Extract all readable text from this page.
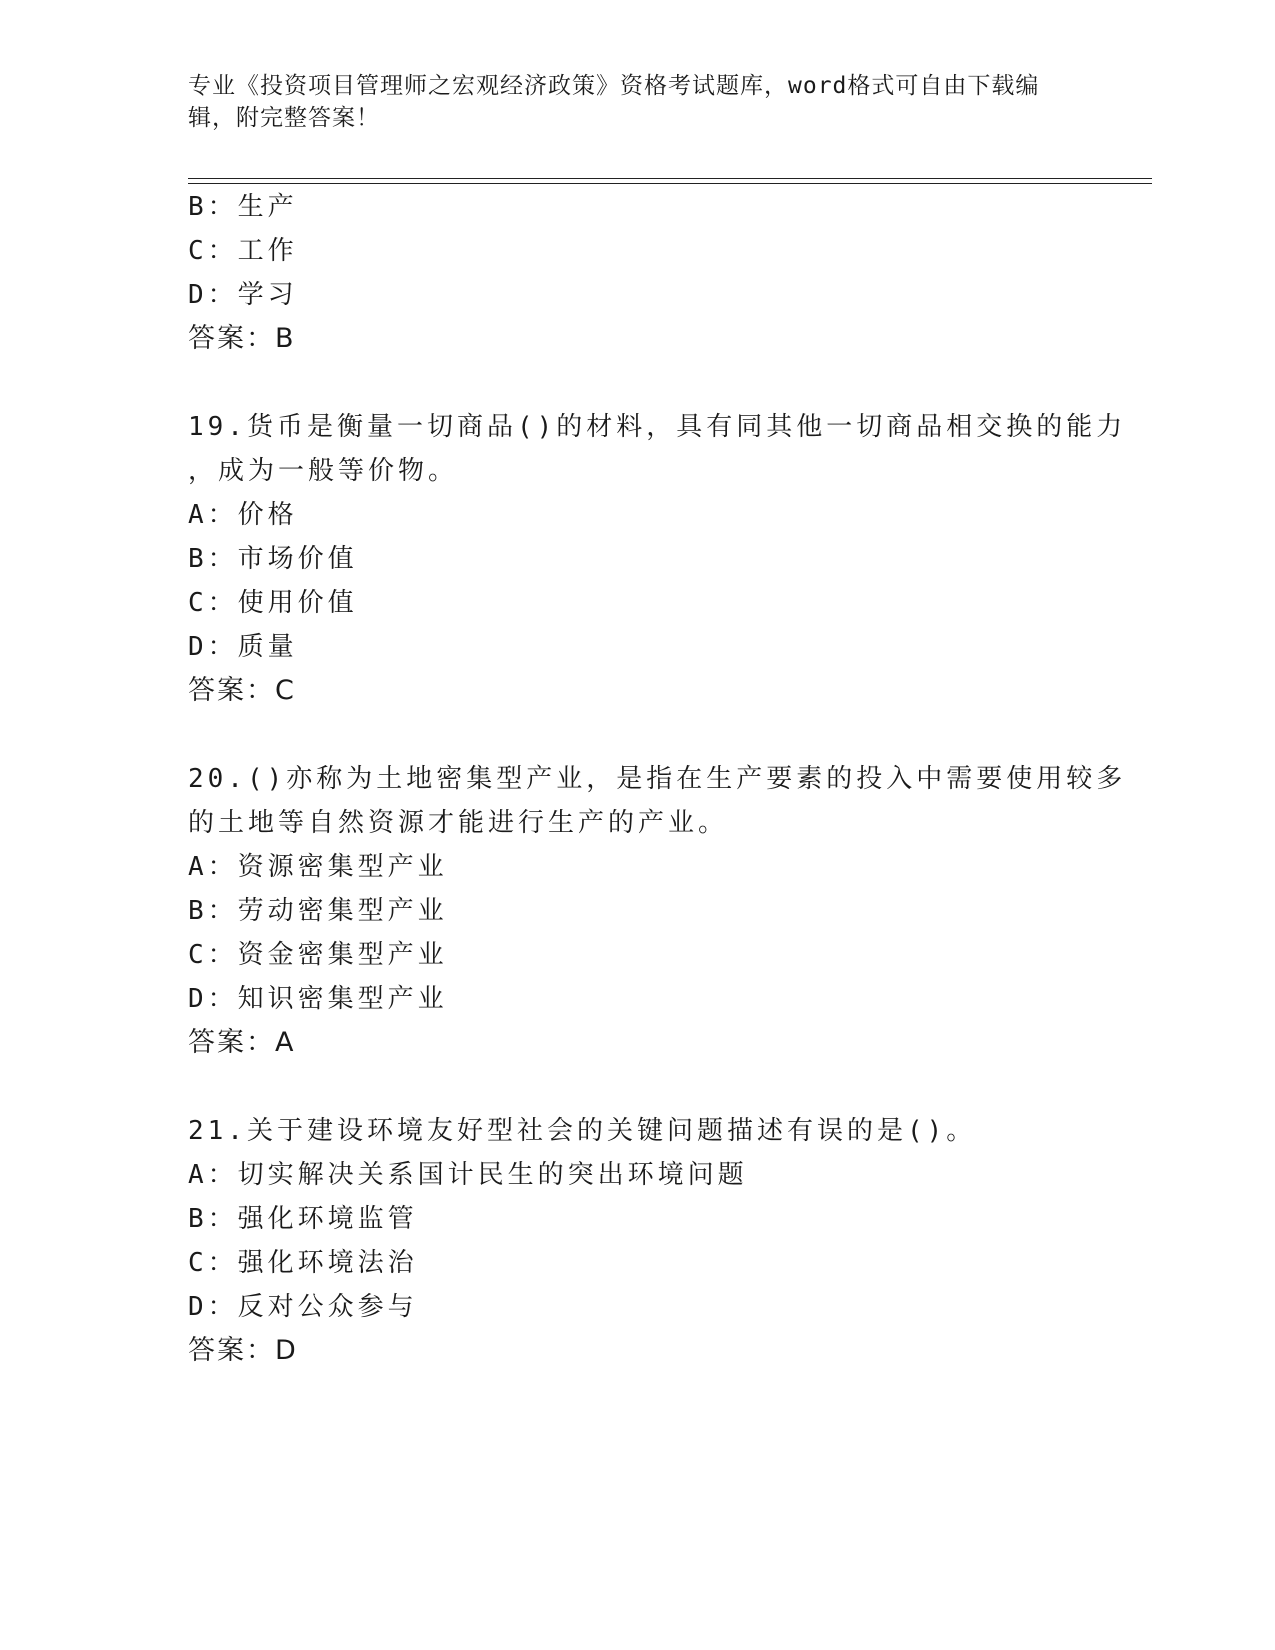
专业《投资项目管理师之宏观经济政策》资格考试题库，word格式可自由下载编
辑，附完整答案！
B：生产
C：工作
D：学习
答案：B
19.货币是衡量一切商品()的材料，具有同其他一切商品相交换的能力
，成为一般等价物。
A：价格
B：市场价值
C：使用价值
D：质量
答案：C
20.()亦称为土地密集型产业，是指在生产要素的投入中需要使用较多
的土地等自然资源才能进行生产的产业。
A：资源密集型产业
B：劳动密集型产业
C：资金密集型产业
D：知识密集型产业
答案：A
21.关于建设环境友好型社会的关键问题描述有误的是()。
A：切实解决关系国计民生的突出环境问题
B：强化环境监管
C：强化环境法治
D：反对公众参与
答案：D
